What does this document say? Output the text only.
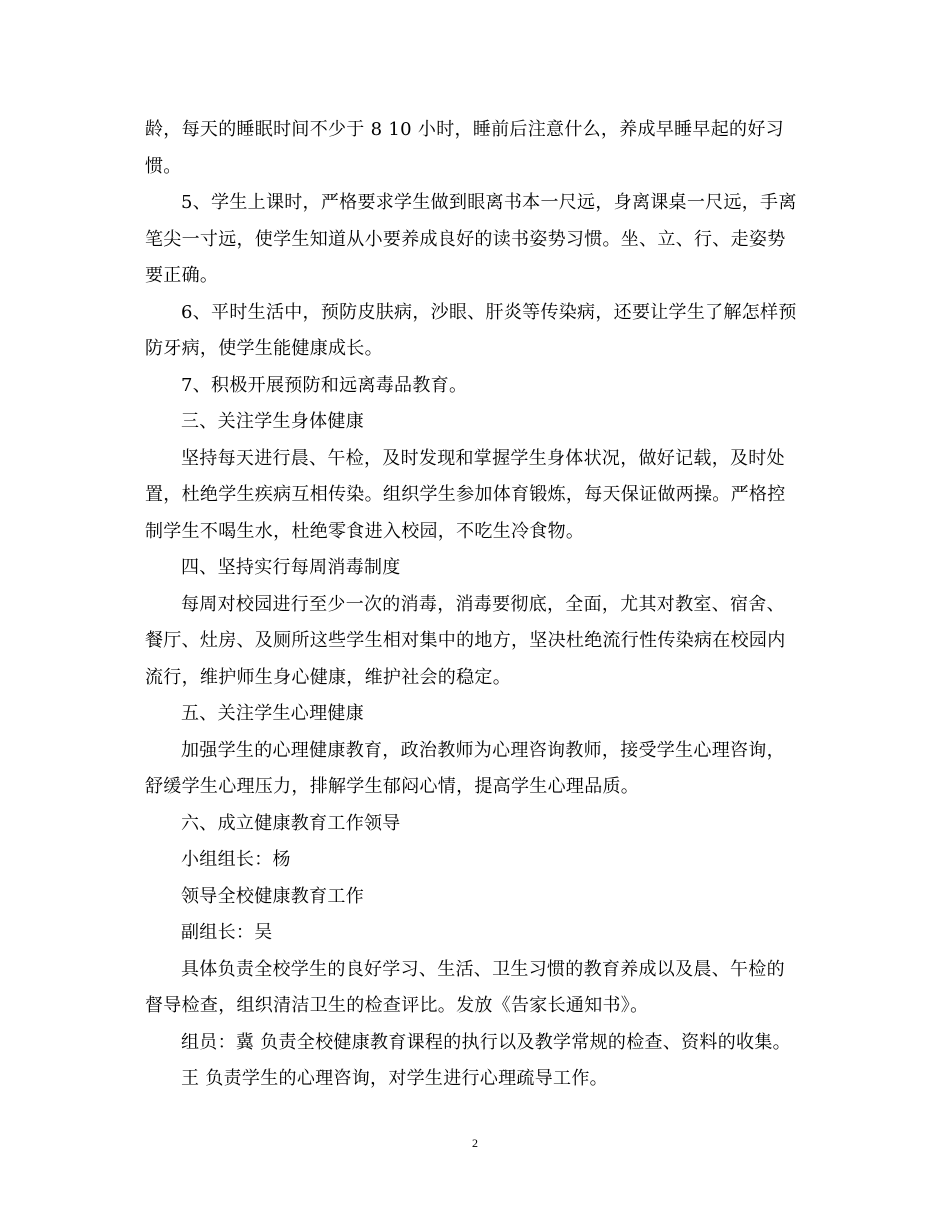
龄，每天的睡眠时间不少于 8 10 小时，睡前后注意什么，养成早睡早起的好习
惯。
5、学生上课时，严格要求学生做到眼离书本一尺远，身离课桌一尺远，手离
笔尖一寸远，使学生知道从小要养成良好的读书姿势习惯。坐、立、行、走姿势
要正确。
6、平时生活中，预防皮肤病，沙眼、肝炎等传染病，还要让学生了解怎样预
防牙病，使学生能健康成长。
7、积极开展预防和远离毒品教育。
三、关注学生身体健康
坚持每天进行晨、午检，及时发现和掌握学生身体状况，做好记载，及时处
置，杜绝学生疾病互相传染。组织学生参加体育锻炼，每天保证做两操。严格控
制学生不喝生水，杜绝零食进入校园，不吃生冷食物。
四、坚持实行每周消毒制度
每周对校园进行至少一次的消毒，消毒要彻底，全面，尤其对教室、宿舍、
餐厅、灶房、及厕所这些学生相对集中的地方，坚决杜绝流行性传染病在校园内
流行，维护师生身心健康，维护社会的稳定。
五、关注学生心理健康
加强学生的心理健康教育，政治教师为心理咨询教师，接受学生心理咨询，
舒缓学生心理压力，排解学生郁闷心情，提高学生心理品质。
六、成立健康教育工作领导
小组组长：杨
领导全校健康教育工作
副组长：吴
具体负责全校学生的良好学习、生活、卫生习惯的教育养成以及晨、午检的
督导检查，组织清洁卫生的检查评比。发放《告家长通知书》。
组员：冀 负责全校健康教育课程的执行以及教学常规的检查、资料的收集。
王 负责学生的心理咨询，对学生进行心理疏导工作。
2
